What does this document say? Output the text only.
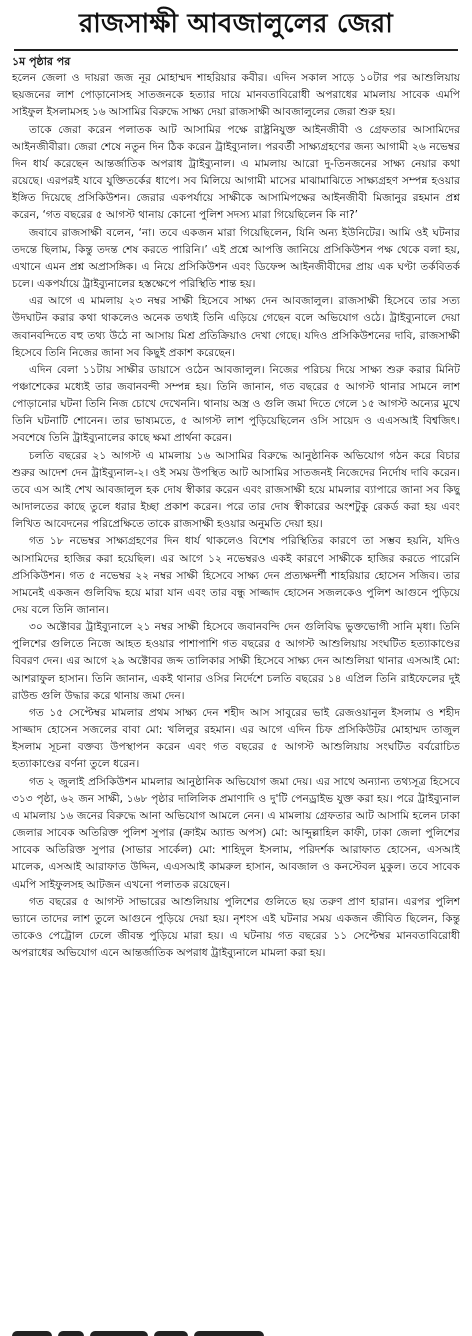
রাজসাক্ষী আবজালুলের জেরা

১ম পৃষ্ঠার পর

হলেন জেলা ও দায়রা জজ নূর মোহাম্মদ শাহরিয়ার কবীর। এদিন সকাল সাড়ে ১০টার পর আশুলিয়ায় ছয়জনের লাশ পোড়ানোসহ সাতজনকে হত্যার দায়ে মানবতাবিরোধী অপরাধের মামলায় সাবেক এমপি সাইফুল ইসলামসহ ১৬ আসামির বিরুদ্ধে সাক্ষ্য দেয়া রাজসাক্ষী আবজালুলের জেরা শুরু হয়।

তাকে জেরা করেন পলাতক আট আসামির পক্ষে রাষ্ট্রনিযুক্ত আইনজীবী ও গ্রেফতার আসামিদের আইনজীবীরা। জেরা শেষে নতুন দিন ঠিক করেন ট্রাইব্যুনাল। পরবর্তী সাক্ষ্যগ্রহণের জন্য আগামী ২৬ নভেম্বর দিন ধার্য করেছেন আন্তর্জাতিক অপরাধ ট্রাইব্যুনাল। এ মামলায় আরো দু-তিনজনের সাক্ষ্য নেয়ার কথা রয়েছে। এরপরই যাবে যুক্তিতর্কের ধাপে। সব মিলিয়ে আগামী মাসের মাঝামাঝিতে সাক্ষ্যগ্রহণ সম্পন্ন হওয়ার ইঙ্গিত দিয়েছে প্রসিকিউশন। জেরার একপর্যায়ে সাক্ষীকে আসামিপক্ষের আইনজীবী মিজানুর রহমান প্রশ্ন করেন, ‘গত বছরের ৫ আগস্ট থানায় কোনো পুলিশ সদস্য মারা গিয়েছিলেন কি না?’

জবাবে রাজসাক্ষী বলেন, ‘না। তবে একজন মারা গিয়েছিলেন, যিনি অন্য ইউনিটের। আমি ওই ঘটনার তদন্তে ছিলাম, কিন্তু তদন্ত শেষ করতে পারিনি।’ এই প্রশ্নে আপত্তি জানিয়ে প্রসিকিউশন পক্ষ থেকে বলা হয়, এখানে এমন প্রশ্ন অপ্রাসঙ্গিক। এ নিয়ে প্রসিকিউশন এবং ডিফেন্স আইনজীবীদের প্রায় এক ঘণ্টা তর্কবিতর্ক চলে। একপর্যায়ে ট্রাইব্যুনালের হস্তক্ষেপে পরিস্থিতি শান্ত হয়।

এর আগে এ মামলায় ২৩ নম্বর সাক্ষী হিসেবে সাক্ষ্য দেন আবজালুল। রাজসাক্ষী হিসেবে তার সত্য উদঘাটন করার কথা থাকলেও অনেক তথ্যই তিনি এড়িয়ে গেছেন বলে অভিযোগ ওঠে। ট্রাইব্যুনালে দেয়া জবানবন্দিতে বহু তথ্য উঠে না আসায় মিশ্র প্রতিক্রিয়াও দেখা গেছে। যদিও প্রসিকিউশনের দাবি, রাজসাক্ষী হিসেবে তিনি নিজের জানা সব কিছুই প্রকাশ করেছেন।

এদিন বেলা ১১টায় সাক্ষীর ডায়াসে ওঠেন আবজালুল। নিজের পরিচয় দিয়ে সাক্ষ্য শুরু করার মিনিট পঞ্চাশেকের মধ্যেই তার জবানবন্দী সম্পন্ন হয়। তিনি জানান, গত বছরের ৫ আগস্ট থানার সামনে লাশ পোড়ানোর ঘটনা তিনি নিজ চোখে দেখেননি। থানায় অস্ত্র ও গুলি জমা দিতে গেলে ১৫ আগস্ট অন্যের মুখে তিনি ঘটনাটি শোনেন। তার ভাষ্যমতে, ৫ আগস্ট লাশ পুড়িয়েছিলেন ওসি সায়েদ ও এএসআই বিশ্বজিৎ। সবশেষে তিনি ট্রাইব্যুনালের কাছে ক্ষমা প্রার্থনা করেন।

চলতি বছরের ২১ আগস্ট এ মামলায় ১৬ আসামির বিরুদ্ধে আনুষ্ঠানিক অভিযোগ গঠন করে বিচার শুরুর আদেশ দেন ট্রাইব্যুনাল-২। ওই সময় উপস্থিত আট আসামির সাতজনই নিজেদের নির্দোষ দাবি করেন। তবে এস আই শেখ আবজালুল হক দোষ স্বীকার করেন এবং রাজসাক্ষী হয়ে মামলার ব্যাপারে জানা সব কিছু আদালতের কাছে তুলে ধরার ইচ্ছা প্রকাশ করেন। পরে তার দোষ স্বীকারের অংশটুকু রেকর্ড করা হয় এবং লিখিত আবেদনের পরিপ্রেক্ষিতে তাকে রাজসাক্ষী হওয়ার অনুমতি দেয়া হয়।

গত ১৮ নভেম্বর সাক্ষ্যগ্রহণের দিন ধার্য থাকলেও বিশেষ পরিস্থিতির কারণে তা সম্ভব হয়নি, যদিও আসামিদের হাজির করা হয়েছিল। এর আগে ১২ নভেম্বরও একই কারণে সাক্ষীকে হাজির করতে পারেনি প্রসিকিউশন। গত ৫ নভেম্বর ২২ নম্বর সাক্ষী হিসেবে সাক্ষ্য দেন প্রত্যক্ষদর্শী শাহরিয়ার হোসেন সজিব। তার সামনেই একজন গুলিবিদ্ধ হয়ে মারা যান এবং তার বন্ধু সাজ্জাদ হোসেন সজলকেও পুলিশ আগুনে পুড়িয়ে দেয় বলে তিনি জানান।

৩০ অক্টোবর ট্রাইব্যুনালে ২১ নম্বর সাক্ষী হিসেবে জবানবন্দি দেন গুলিবিদ্ধ ভুক্তভোগী সানি মৃধা। তিনি পুলিশের গুলিতে নিজে আহত হওয়ার পাশাপাশি গত বছরের ৫ আগস্ট আশুলিয়ায় সংঘটিত হত্যাকাণ্ডের বিবরণ দেন। এর আগে ২৯ অক্টোবর জব্দ তালিকার সাক্ষী হিসেবে সাক্ষ্য দেন আশুলিয়া থানার এসআই মো: আশরাফুল হাসান। তিনি জানান, একই থানার ওসির নির্দেশে চলতি বছরের ১৪ এপ্রিল তিনি রাইফেলের দুই রাউন্ড গুলি উদ্ধার করে থানায় জমা দেন।

গত ১৫ সেপ্টেম্বর মামলার প্রথম সাক্ষ্য দেন শহীদ আস সাবুরের ভাই রেজওয়ানুল ইসলাম ও শহীদ সাজ্জাদ হোসেন সজলের বাবা মো: খলিলুর রহমান। এর আগে এদিন চিফ প্রসিকিউটর মোহাম্মদ তাজুল ইসলাম সূচনা বক্তব্য উপস্থাপন করেন এবং গত বছরের ৫ আগস্ট আশুলিয়ায় সংঘটিত বর্বরোচিত হত্যাকাণ্ডের বর্ণনা তুলে ধরেন।

গত ২ জুলাই প্রসিকিউশন মামলার আনুষ্ঠানিক অভিযোগ জমা দেয়। এর সাথে অন্যান্য তথ্যসূত্র হিসেবে ৩১৩ পৃষ্ঠা, ৬২ জন সাক্ষী, ১৬৮ পৃষ্ঠার দালিলিক প্রমাণাদি ও দু'টি পেনড্রাইভ যুক্ত করা হয়। পরে ট্রাইব্যুনাল এ মামলায় ১৬ জনের বিরুদ্ধে আনা অভিযোগ আমলে নেন। এ মামলায় গ্রেফতার আট আসামি হলেন ঢাকা জেলার সাবেক অতিরিক্ত পুলিশ সুপার (ক্রাইম অ্যান্ড অপস) মো: আব্দুল্লাহিল কাফী, ঢাকা জেলা পুলিশের সাবেক অতিরিক্ত সুপার (সাভার সার্কেল) মো: শাহিদুল ইসলাম, পরিদর্শক আরাফাত হোসেন, এসআই মালেক, এসআই আরাফাত উদ্দিন, এএসআই কামরুল হাসান, আবজাল ও কনস্টেবল মুকুল। তবে সাবেক এমপি সাইফুলসহ আটজন এখনো পলাতক রয়েছেন।

গত বছরের ৫ আগস্ট সাভারের আশুলিয়ায় পুলিশের গুলিতে ছয় তরুণ প্রাণ হারান। এরপর পুলিশ ভ্যানে তাদের লাশ তুলে আগুনে পুড়িয়ে দেয়া হয়। নৃশংস এই ঘটনার সময় একজন জীবিত ছিলেন, কিন্তু তাকেও পেট্রোল ঢেলে জীবন্ত পুড়িয়ে মারা হয়। এ ঘটনায় গত বছরের ১১ সেপ্টেম্বর মানবতাবিরোধী অপরাধের অভিযোগ এনে আন্তর্জাতিক অপরাধ ট্রাইব্যুনালে মামলা করা হয়।
